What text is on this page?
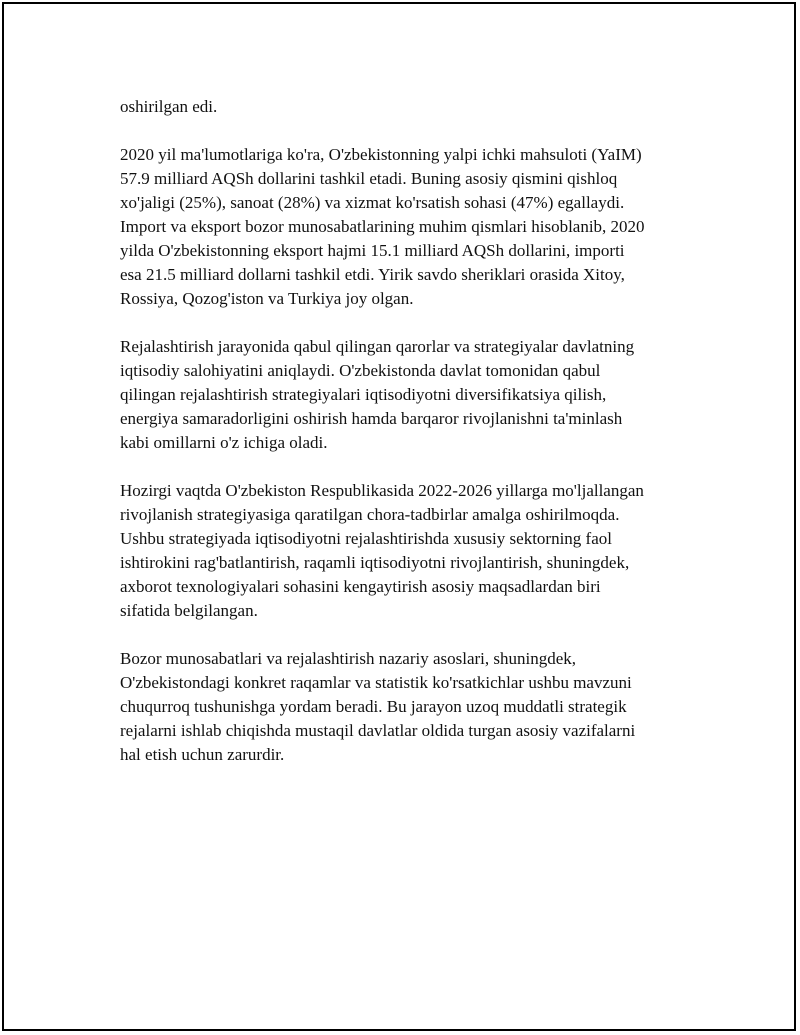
oshirilgan edi.

2020 yil ma'lumotlariga ko'ra, O'zbekistonning yalpi ichki mahsuloti (YaIM)
57.9 milliard AQSh dollarini tashkil etadi. Buning asosiy qismini qishloq
xo'jaligi (25%), sanoat (28%) va xizmat ko'rsatish sohasi (47%) egallaydi.
Import va eksport bozor munosabatlarining muhim qismlari hisoblanib, 2020
yilda O'zbekistonning eksport hajmi 15.1 milliard AQSh dollarini, importi
esa 21.5 milliard dollarni tashkil etdi. Yirik savdo sheriklari orasida Xitoy,
Rossiya, Qozog'iston va Turkiya joy olgan.

Rejalashtirish jarayonida qabul qilingan qarorlar va strategiyalar davlatning
iqtisodiy salohiyatini aniqlaydi. O'zbekistonda davlat tomonidan qabul
qilingan rejalashtirish strategiyalari iqtisodiyotni diversifikatsiya qilish,
energiya samaradorligini oshirish hamda barqaror rivojlanishni ta'minlash
kabi omillarni o'z ichiga oladi.

Hozirgi vaqtda O'zbekiston Respublikasida 2022-2026 yillarga mo'ljallangan
rivojlanish strategiyasiga qaratilgan chora-tadbirlar amalga oshirilmoqda.
Ushbu strategiyada iqtisodiyotni rejalashtirishda xususiy sektorning faol
ishtirokini rag'batlantirish, raqamli iqtisodiyotni rivojlantirish, shuningdek,
axborot texnologiyalari sohasini kengaytirish asosiy maqsadlardan biri
sifatida belgilangan.

Bozor munosabatlari va rejalashtirish nazariy asoslari, shuningdek,
O'zbekistondagi konkret raqamlar va statistik ko'rsatkichlar ushbu mavzuni
chuqurroq tushunishga yordam beradi. Bu jarayon uzoq muddatli strategik
rejalarni ishlab chiqishda mustaqil davlatlar oldida turgan asosiy vazifalarni
hal etish uchun zarurdir.
